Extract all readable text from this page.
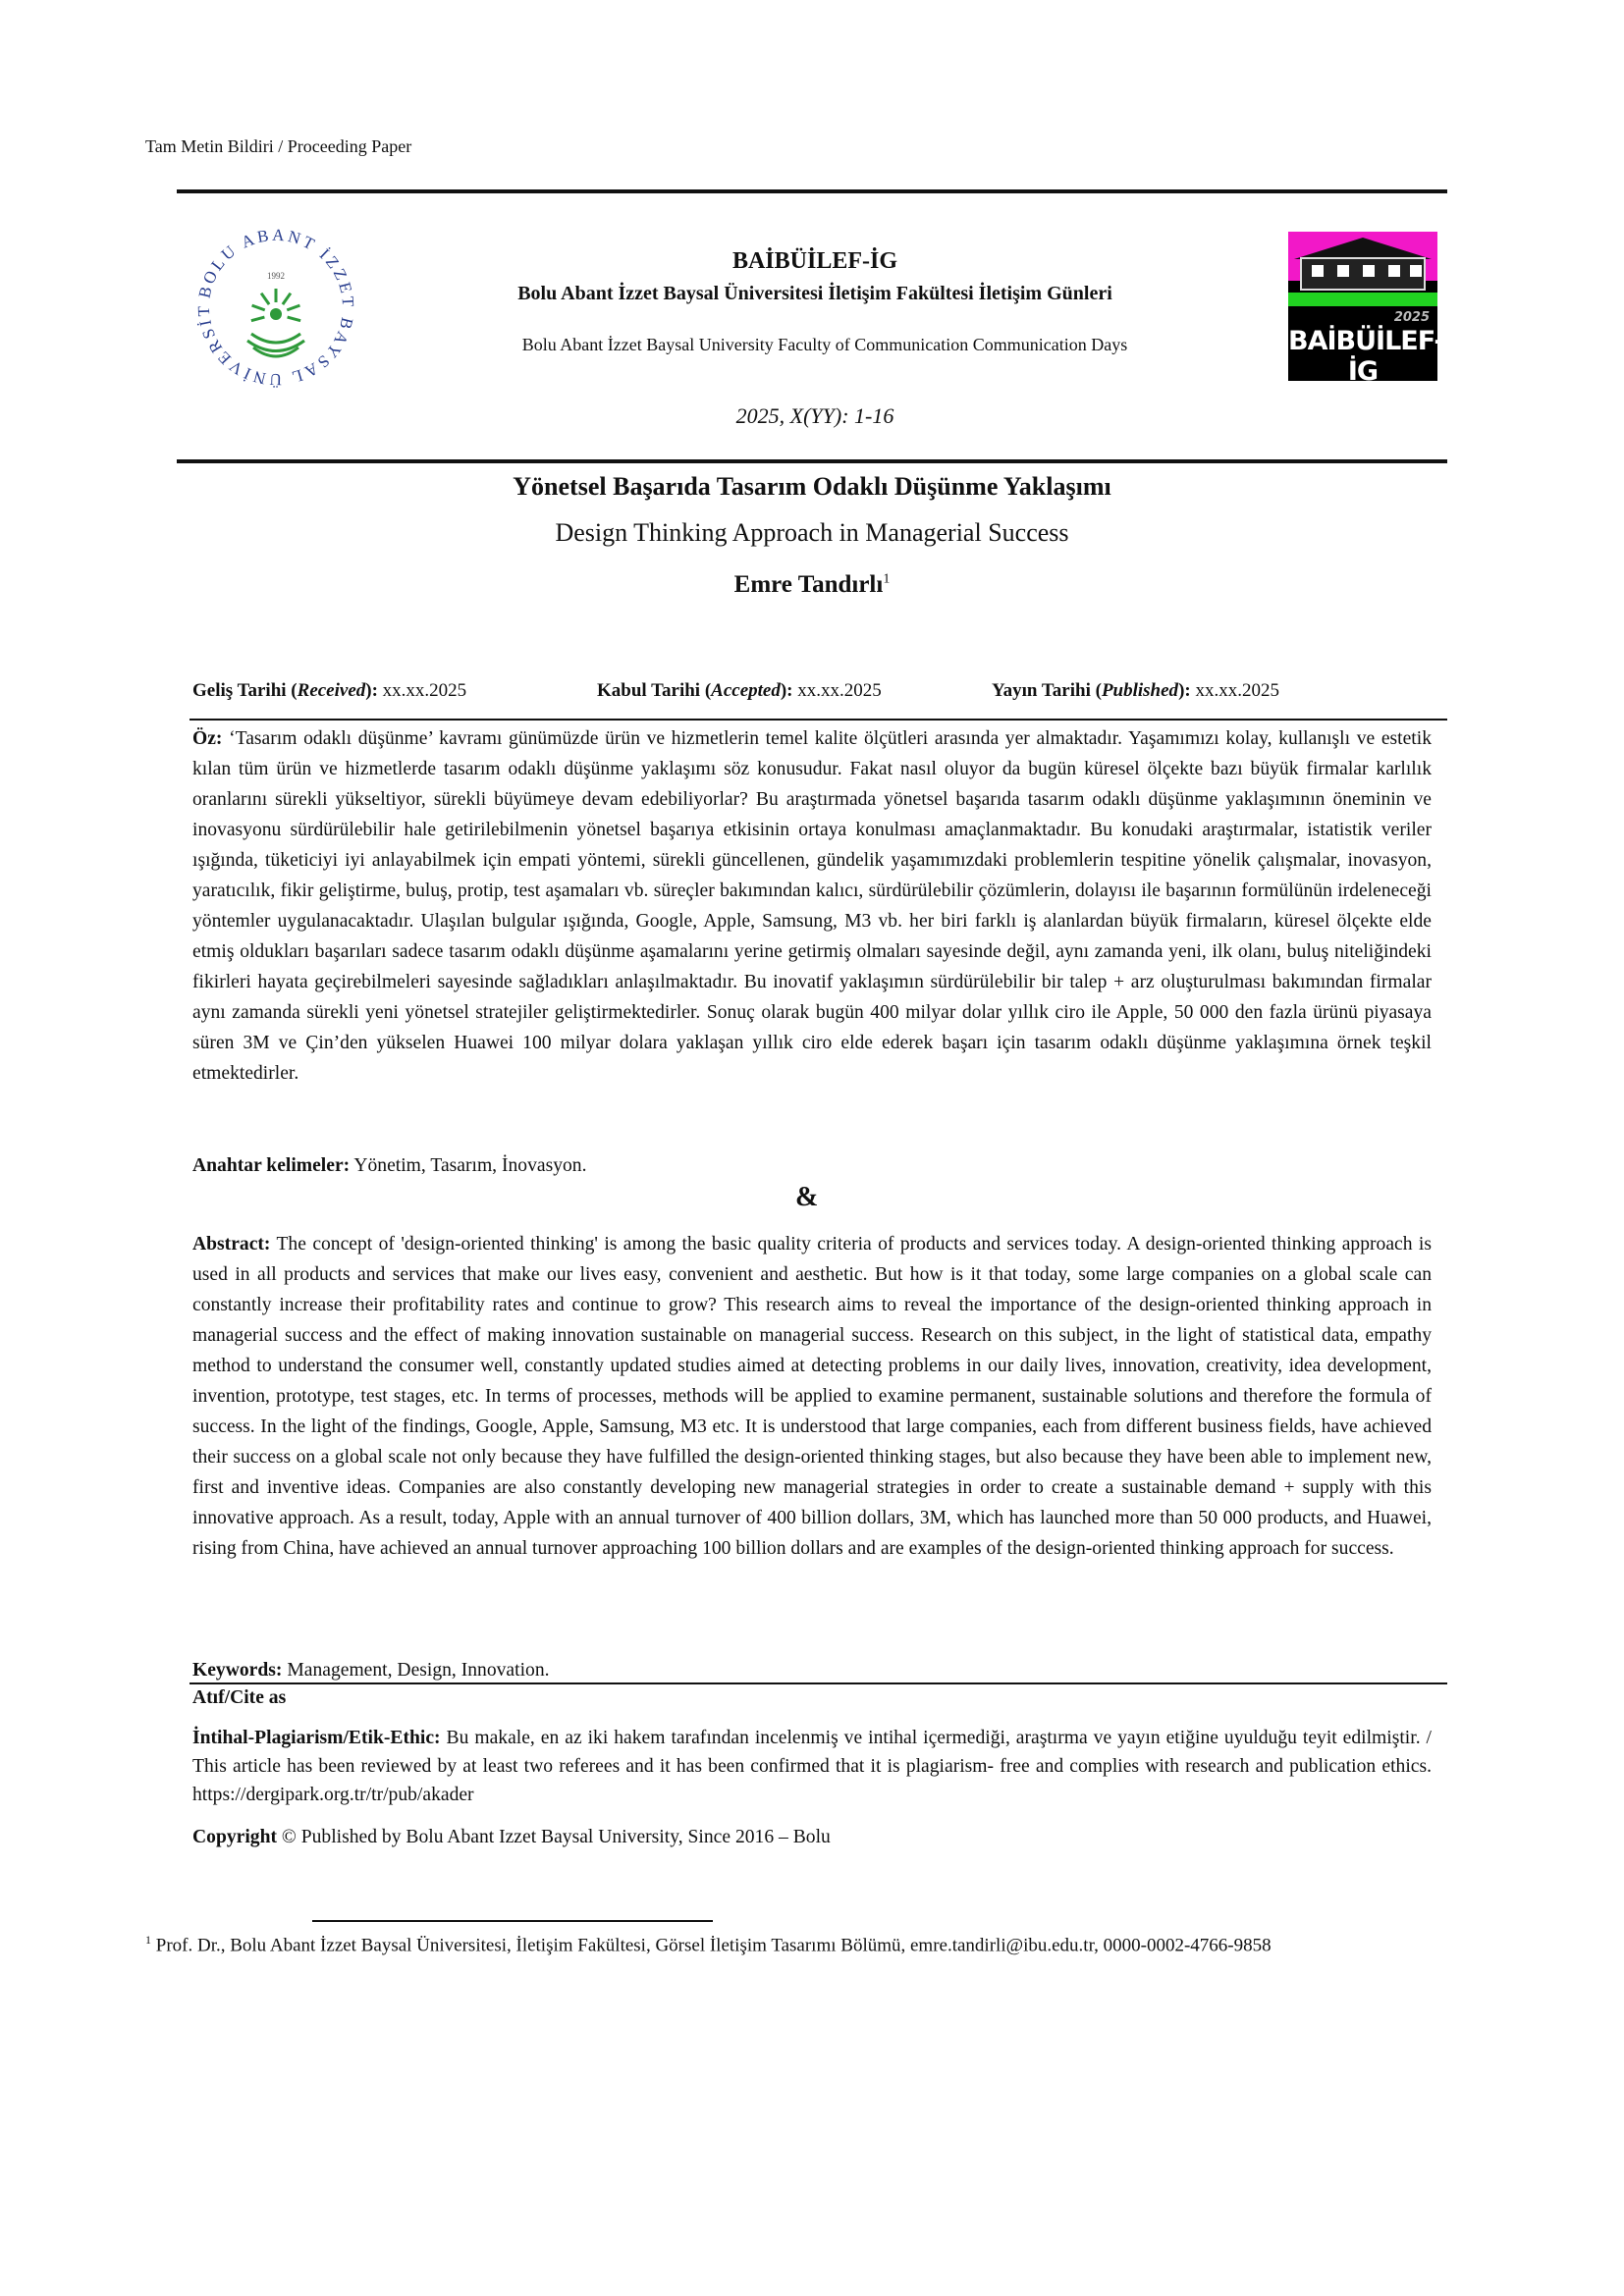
Tam Metin Bildiri / Proceeding Paper
BOLU ABANT İZZET BAYSAL ÜNİVERSİT
1992
BAİBÜİLEF-İG
Bolu Abant İzzet Baysal Üniversitesi İletişim Fakültesi İletişim Günleri
Bolu Abant İzzet Baysal University Faculty of Communication Communication Days
2025, X(YY): 1-16
2025
BAİBÜİLEF-İG
Yönetsel Başarıda Tasarım Odaklı Düşünme Yaklaşımı
Design Thinking Approach in Managerial Success
Emre Tandırlı$^1$
Geliş Tarihi (Received): xx.xx.2025	Kabul Tarihi (Accepted): xx.xx.2025	Yayın Tarihi (Published): xx.xx.2025
Öz: ‘Tasarım odaklı düşünme’ kavramı günümüzde ürün ve hizmetlerin temel kalite ölçütleri arasında yer almaktadır. Yaşamımızı kolay, kullanışlı ve estetik kılan tüm ürün ve hizmetlerde tasarım odaklı düşünme yaklaşımı söz konusudur. Fakat nasıl oluyor da bugün küresel ölçekte bazı büyük firmalar karlılık oranlarını sürekli yükseltiyor, sürekli büyümeye devam edebiliyorlar? Bu araştırmada yönetsel başarıda tasarım odaklı düşünme yaklaşımının öneminin ve inovasyonu sürdürülebilir hale getirilebilmenin yönetsel başarıya etkisinin ortaya konulması amaçlanmaktadır. Bu konudaki araştırmalar, istatistik veriler ışığında, tüketiciyi iyi anlayabilmek için empati yöntemi, sürekli güncellenen, gündelik yaşamımızdaki problemlerin tespitine yönelik çalışmalar, inovasyon, yaratıcılık, fikir geliştirme, buluş, protip, test aşamaları vb. süreçler bakımından kalıcı, sürdürülebilir çözümlerin, dolayısı ile başarının formülünün irdeleneceği yöntemler uygulanacaktadır. Ulaşılan bulgular ışığında, Google, Apple, Samsung, M3 vb. her biri farklı iş alanlardan büyük firmaların, küresel ölçekte elde etmiş oldukları başarıları sadece tasarım odaklı düşünme aşamalarını yerine getirmiş olmaları sayesinde değil, aynı zamanda yeni, ilk olanı, buluş niteliğindeki fikirleri hayata geçirebilmeleri sayesinde sağladıkları anlaşılmaktadır. Bu inovatif yaklaşımın sürdürülebilir bir talep + arz oluşturulması bakımından firmalar aynı zamanda sürekli yeni yönetsel stratejiler geliştirmektedirler. Sonuç olarak bugün 400 milyar dolar yıllık ciro ile Apple, 50 000 den fazla ürünü piyasaya süren 3M ve Çin’den yükselen Huawei 100 milyar dolara yaklaşan yıllık ciro elde ederek başarı için tasarım odaklı düşünme yaklaşımına örnek teşkil etmektedirler.
Anahtar kelimeler: Yönetim, Tasarım, İnovasyon.
&
Abstract: The concept of 'design-oriented thinking' is among the basic quality criteria of products and services today. A design-oriented thinking approach is used in all products and services that make our lives easy, convenient and aesthetic. But how is it that today, some large companies on a global scale can constantly increase their profitability rates and continue to grow? This research aims to reveal the importance of the design-oriented thinking approach in managerial success and the effect of making innovation sustainable on managerial success. Research on this subject, in the light of statistical data, empathy method to understand the consumer well, constantly updated studies aimed at detecting problems in our daily lives, innovation, creativity, idea development, invention, prototype, test stages, etc. In terms of processes, methods will be applied to examine permanent, sustainable solutions and therefore the formula of success. In the light of the findings, Google, Apple, Samsung, M3 etc. It is understood that large companies, each from different business fields, have achieved their success on a global scale not only because they have fulfilled the design-oriented thinking stages, but also because they have been able to implement new, first and inventive ideas. Companies are also constantly developing new managerial strategies in order to create a sustainable demand + supply with this innovative approach. As a result, today, Apple with an annual turnover of 400 billion dollars, 3M, which has launched more than 50 000 products, and Huawei, rising from China, have achieved an annual turnover approaching 100 billion dollars and are examples of the design-oriented thinking approach for success.
Keywords: Management, Design, Innovation.
Atıf/Cite as
İntihal-Plagiarism/Etik-Ethic: Bu makale, en az iki hakem tarafından incelenmiş ve intihal içermediği, araştırma ve yayın etiğine uyulduğu teyit edilmiştir. / This article has been reviewed by at least two referees and it has been confirmed that it is plagiarism- free and complies with research and publication ethics. https://dergipark.org.tr/tr/pub/akader
Copyright © Published by Bolu Abant Izzet Baysal University, Since 2016 – Bolu
$^1$ Prof. Dr., Bolu Abant İzzet Baysal Üniversitesi, İletişim Fakültesi, Görsel İletişim Tasarımı Bölümü, emre.tandirli@ibu.edu.tr, 0000-0002-4766-9858
